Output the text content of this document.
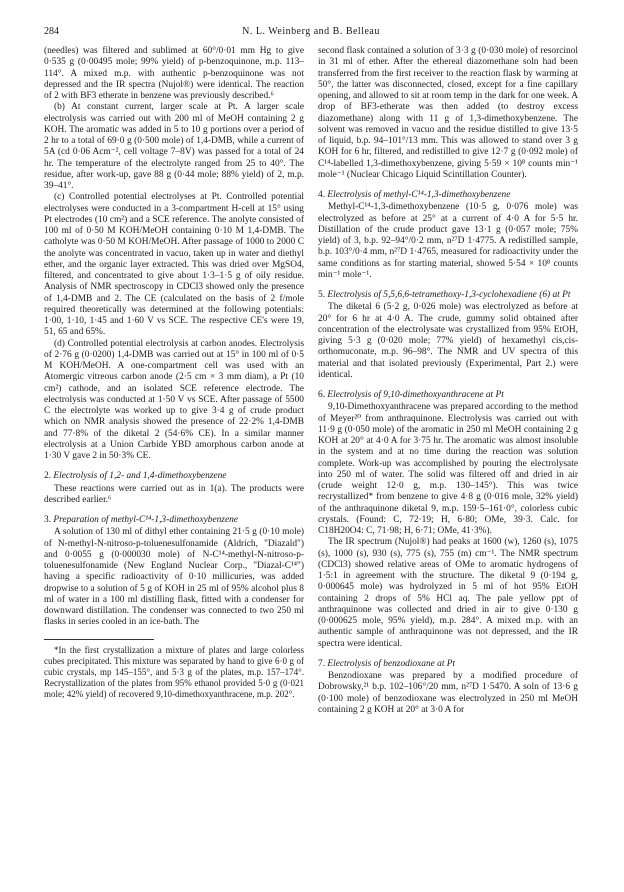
284	N. L. Weinberg and B. Belleau

(needles) was filtered and sublimed at 60°/0·01 mm Hg to give 0·535 g (0·00495 mole; 99% yield) of p-benzoquinone, m.p. 113–114°. A mixed m.p. with authentic p-benzoquinone was not depressed and the IR spectra (Nujol®) were identical. The reaction of 2 with BF3 etherate in benzene was previously described.⁶

(b) At constant current, larger scale at Pt. A larger scale electrolysis was carried out with 200 ml of MeOH containing 2 g KOH. The aromatic was added in 5 to 10 g portions over a period of 2 hr to a total of 69·0 g (0·500 mole) of 1,4-DMB, while a current of 5A (cd 0·06 Acm⁻², cell voltage 7–8V) was passed for a total of 24 hr. The temperature of the electrolyte ranged from 25 to 40°. The residue, after work-up, gave 88 g (0·44 mole; 88% yield) of 2, m.p. 39–41°.

(c) Controlled potential electrolyses at Pt. Controlled potential electrolyses were conducted in a 3-compartment H-cell at 15° using Pt electrodes (10 cm²) and a SCE reference. The anolyte consisted of 100 ml of 0·50 M KOH/MeOH containing 0·10 M 1,4-DMB. The catholyte was 0·50 M KOH/MeOH. After passage of 1000 to 2000 C the anolyte was concentrated in vacuo, taken up in water and diethyl ether, and the organic layer extracted. This was dried over MgSO4, filtered, and concentrated to give about 1·3–1·5 g of oily residue. Analysis of NMR spectroscopy in CDCl3 showed only the presence of 1,4-DMB and 2. The CE (calculated on the basis of 2 f/mole required theoretically was determined at the following potentials: 1·00, 1·10, 1·45 and 1·60 V vs SCE. The respective CE's were 19, 51, 65 and 65%.

(d) Controlled potential electrolysis at carbon anodes. Electrolysis of 2·76 g (0·0200) 1,4-DMB was carried out at 15° in 100 ml of 0·5 M KOH/MeOH. A one-compartment cell was used with an Atomergic vitreous carbon anode (2·5 cm × 3 mm diam), a Pt (10 cm²) cathode, and an isolated SCE reference electrode. The electrolysis was conducted at 1·50 V vs SCE. After passage of 5500 C the electrolyte was worked up to give 3·4 g of crude product which on NMR analysis showed the presence of 22·2% 1,4-DMB and 77·8% of the diketal 2 (54·6% CE). In a similar manner electrolysis at a Union Carbide YBD amorphous carbon anode at 1·30 V gave 2 in 50·3% CE.

2. Electrolysis of 1,2- and 1,4-dimethoxybenzene

These reactions were carried out as in 1(a). The products were described earlier.⁶

3. Preparation of methyl-C¹⁴-1,3-dimethoxybenzene

A solution of 130 ml of dithyl ether containing 21·5 g (0·10 mole) of N-methyl-N-nitroso-p-toluenesulfonamide (Aldrich, "Diazald") and 0·0055 g (0·000030 mole) of N-C¹⁴-methyl-N-nitroso-p-toluenesulfonamide (New England Nuclear Corp., "Diazal-C¹⁴") having a specific radioactivity of 0·10 millicuries, was added dropwise to a solution of 5 g of KOH in 25 ml of 95% alcohol plus 8 ml of water in a 100 ml distilling flask, fitted with a condenser for downward distillation. The condenser was connected to two 250 ml flasks in series cooled in an ice-bath. The

*In the first crystallization a mixture of plates and large colorless cubes precipitated. This mixture was separated by hand to give 6·0 g of cubic crystals, mp 145–155°, and 5·3 g of the plates, m.p. 157–174°. Recrystallization of the plates from 95% ethanol provided 5·0 g (0·021 mole; 42% yield) of recovered 9,10-dimethoxyanthracene, m.p. 202°.

second flask contained a solution of 3·3 g (0·030 mole) of resorcinol in 31 ml of ether. After the ethereal diazomethane soln had been transferred from the first receiver to the reaction flask by warming at 50°, the latter was disconnected, closed, except for a fine capillary opening, and allowed to sit at room temp in the dark for one week. A drop of BF3-etherate was then added (to destroy excess diazomethane) along with 11 g of 1,3-dimethoxybenzene. The solvent was removed in vacuo and the residue distilled to give 13·5 of liquid, b.p. 94–101°/13 mm. This was allowed to stand over 3 g KOH for 6 hr, filtered, and redistilled to give 12·7 g (0·092 mole) of C¹⁴-labelled 1,3-dimethoxybenzene, giving 5·59 × 10⁸ counts min⁻¹ mole⁻¹ (Nuclear Chicago Liquid Scintillation Counter).

4. Electrolysis of methyl-C¹⁴-1,3-dimethoxybenzene

Methyl-C¹⁴-1,3-dimethoxybenzene (10·5 g, 0·076 mole) was electrolyzed as before at 25° at a current of 4·0 A for 5·5 hr. Distillation of the crude product gave 13·1 g (0·057 mole; 75% yield) of 3, b.p. 92–94°/0·2 mm, n²⁷D 1·4775. A redistilled sample, b.p. 103°/0·4 mm, n²⁷D 1·4765, measured for radioactivity under the same conditions as for starting material, showed 5·54 × 10⁸ counts min⁻¹ mole⁻¹.

5. Electrolysis of 5,5,6,6-tetramethoxy-1,3-cyclohexadiene (6) at Pt

The diketal 6 (5·2 g, 0·026 mole) was electrolyzed as before at 20° for 6 hr at 4·0 A. The crude, gummy solid obtained after concentration of the electrolysate was crystallized from 95% EtOH, giving 5·3 g (0·020 mole; 77% yield) of hexamethyl cis,cis-orthomuconate, m.p. 96–98°. The NMR and UV spectra of this material and that isolated previously (Experimental, Part 2.) were identical.

6. Electrolysis of 9,10-dimethoxyanthracene at Pt

9,10-Dimethoxyanthracene was prepared according to the method of Meyer²⁰ from anthraquinone. Electrolysis was carried out with 11·9 g (0·050 mole) of the aromatic in 250 ml MeOH containing 2 g KOH at 20° at 4·0 A for 3·75 hr. The aromatic was almost insoluble in the system and at no time during the reaction was solution complete. Work-up was accomplished by pouring the electrolysate into 250 ml of water. The solid was filtered off and dried in air (crude weight 12·0 g, m.p. 130–145°). This was twice recrystallized* from benzene to give 4·8 g (0·016 mole, 32% yield) of the anthraquinone diketal 9, m.p. 159·5–161·0°, colorless cubic crystals. (Found: C, 72·19; H, 6·80; OMe, 39·3. Calc. for C18H20O4: C, 71·98; H, 6·71; OMe, 41·3%).

The IR spectrum (Nujol®) had peaks at 1600 (w), 1260 (s), 1075 (s), 1000 (s), 930 (s), 775 (s), 755 (m) cm⁻¹. The NMR spectrum (CDCl3) showed relative areas of OMe to aromatic hydrogens of 1·5:1 in agreement with the structure. The diketal 9 (0·194 g, 0·000645 mole) was hydrolyzed in 5 ml of hot 95% EtOH containing 2 drops of 5% HCl aq. The pale yellow ppt of anthraquinone was collected and dried in air to give 0·130 g (0·000625 mole, 95% yield), m.p. 284°. A mixed m.p. with an authentic sample of anthraquinone was not depressed, and the IR spectra were identical.

7. Electrolysis of benzodioxane at Pt

Benzodioxane was prepared by a modified procedure of Dobrowsky,²¹ b.p. 102–106°/20 mm, n²⁷D 1·5470. A soln of 13·6 g (0·100 mole) of benzodioxane was electrolyzed in 250 ml MeOH containing 2 g KOH at 20° at 3·0 A for
